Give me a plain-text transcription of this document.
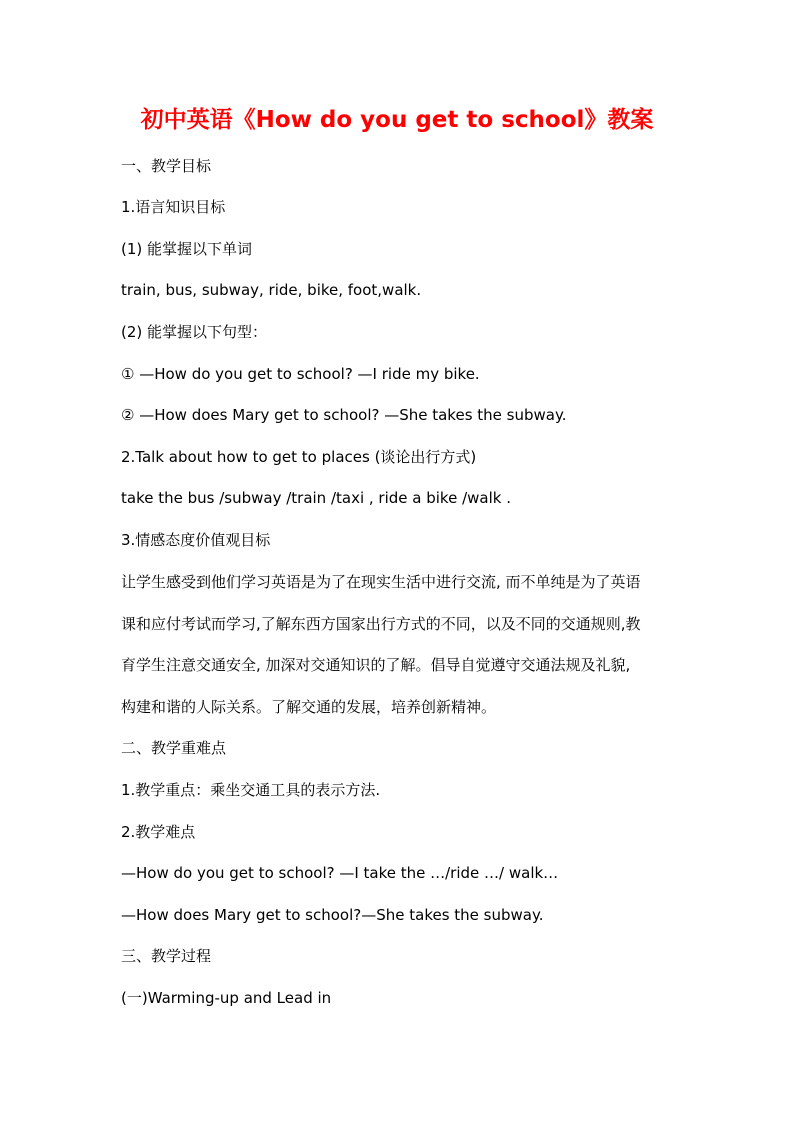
初中英语《How do you get to school》教案
一、教学目标
1.语言知识目标
(1) 能掌握以下单词
train, bus, subway, ride, bike, foot,walk.
(2) 能掌握以下句型：
① —How do you get to school? —I ride my bike.
② —How does Mary get to school? —She takes the subway.
2.Talk about how to get to places (谈论出行方式)
take the bus /subway /train /taxi , ride a bike /walk .
3.情感态度价值观目标
让学生感受到他们学习英语是为了在现实生活中进行交流, 而不单纯是为了英语
课和应付考试而学习,了解东西方国家出行方式的不同，以及不同的交通规则,教
育学生注意交通安全, 加深对交通知识的了解。倡导自觉遵守交通法规及礼貌,
构建和谐的人际关系。了解交通的发展，培养创新精神。
二、教学重难点
1.教学重点：乘坐交通工具的表示方法.
2.教学难点
—How do you get to school? —I take the …/ride …/ walk…
—How does Mary get to school?—She takes the subway.
三、教学过程
(一)Warming-up and Lead in
